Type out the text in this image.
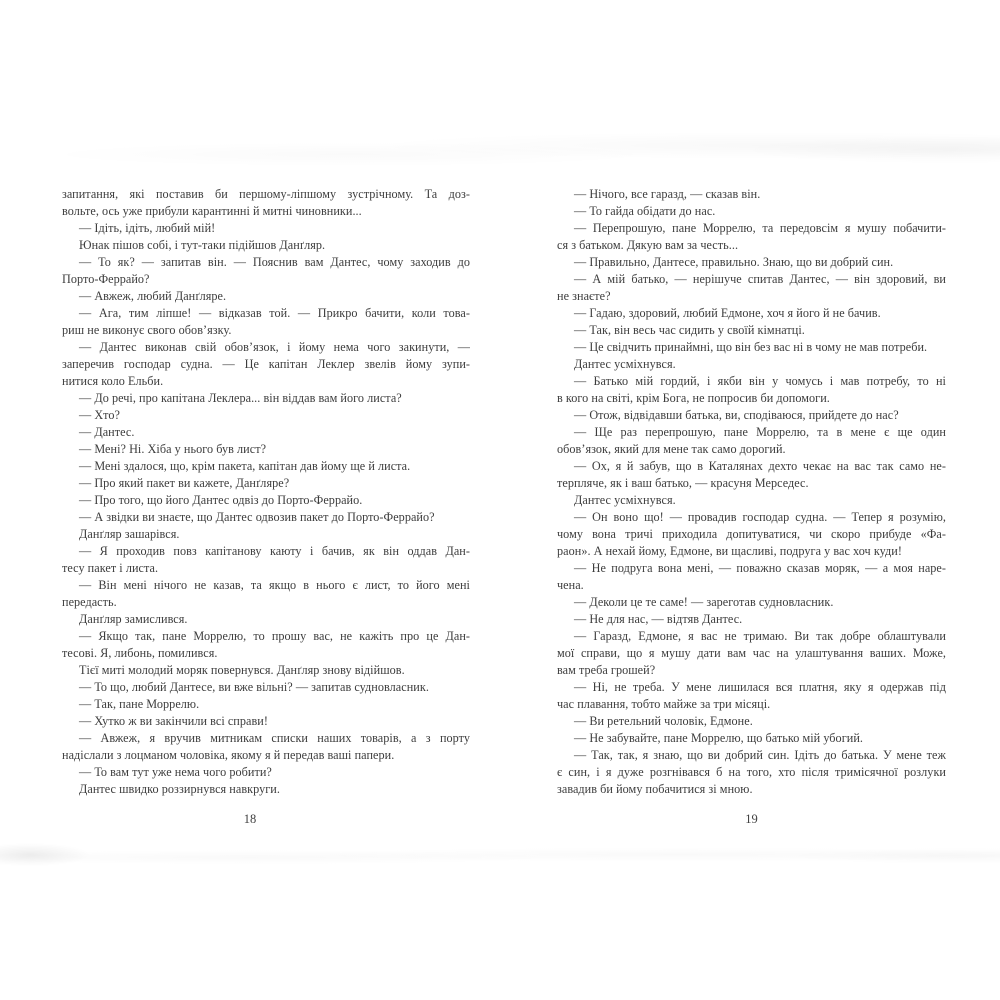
запитання, які поставив би першому-ліпшому зустрічному. Та доз-
вольте, ось уже прибули карантинні й митні чиновники...
— Ідіть, ідіть, любий мій!
Юнак пішов собі, і тут-таки підійшов Данґляр.
— То як? — запитав він. — Пояснив вам Дантес, чому заходив до
Порто-Феррайо?
— Авжеж, любий Данґляре.
— Ага, тим ліпше! — відказав той. — Прикро бачити, коли това-
риш не виконує свого обов’язку.
— Дантес виконав свій обов’язок, і йому нема чого закинути, —
заперечив господар судна. — Це капітан Леклер звелів йому зупи-
нитися коло Ельби.
— До речі, про капітана Леклера... він віддав вам його листа?
— Хто?
— Дантес.
— Мені? Ні. Хіба у нього був лист?
— Мені здалося, що, крім пакета, капітан дав йому ще й листа.
— Про який пакет ви кажете, Данґляре?
— Про того, що його Дантес одвіз до Порто-Феррайо.
— А звідки ви знаєте, що Дантес одвозив пакет до Порто-Феррайо?
Данґляр зашарівся.
— Я проходив повз капітанову каюту і бачив, як він оддав Дан-
тесу пакет і листа.
— Він мені нічого не казав, та якщо в нього є лист, то його мені
передасть.
Данґляр замислився.
— Якщо так, пане Моррелю, то прошу вас, не кажіть про це Дан-
тесові. Я, либонь, помилився.
Тієї миті молодий моряк повернувся. Данґляр знову відійшов.
— То що, любий Дантесе, ви вже вільні? — запитав судновласник.
— Так, пане Моррелю.
— Хутко ж ви закінчили всі справи!
— Авжеж, я вручив митникам списки наших товарів, а з порту
надіслали з лоцманом чоловіка, якому я й передав ваші папери.
— То вам тут уже нема чого робити?
Дантес швидко роззирнувся навкруги.
— Нічого, все гаразд, — сказав він.
— То гайда обідати до нас.
— Перепрошую, пане Моррелю, та передовсім я мушу побачити-
ся з батьком. Дякую вам за честь...
— Правильно, Дантесе, правильно. Знаю, що ви добрий син.
— А мій батько, — нерішуче спитав Дантес, — він здоровий, ви
не знаєте?
— Гадаю, здоровий, любий Едмоне, хоч я його й не бачив.
— Так, він весь час сидить у своїй кімнатці.
— Це свідчить принаймні, що він без вас ні в чому не мав потреби.
Дантес усміхнувся.
— Батько мій гордий, і якби він у чомусь і мав потребу, то ні
в кого на світі, крім Бога, не попросив би допомоги.
— Отож, відвідавши батька, ви, сподіваюся, прийдете до нас?
— Ще раз перепрошую, пане Моррелю, та в мене є ще один
обов’язок, який для мене так само дорогий.
— Ох, я й забув, що в Каталянах дехто чекає на вас так само не-
терпляче, як і ваш батько, — красуня Мерседес.
Дантес усміхнувся.
— Он воно що! — провадив господар судна. — Тепер я розумію,
чому вона тричі приходила допитуватися, чи скоро прибуде «Фа-
раон». А нехай йому, Едмоне, ви щасливі, подруга у вас хоч куди!
— Не подруга вона мені, — поважно сказав моряк, — а моя наре-
чена.
— Деколи це те саме! — зареготав судновласник.
— Не для нас, — відтяв Дантес.
— Гаразд, Едмоне, я вас не тримаю. Ви так добре облаштували
мої справи, що я мушу дати вам час на улаштування ваших. Може,
вам треба грошей?
— Ні, не треба. У мене лишилася вся платня, яку я одержав під
час плавання, тобто майже за три місяці.
— Ви ретельний чоловік, Едмоне.
— Не забувайте, пане Моррелю, що батько мій убогий.
— Так, так, я знаю, що ви добрий син. Ідіть до батька. У мене теж
є син, і я дуже розгнівався б на того, хто після тримісячної розлуки
завадив би йому побачитися зі мною.
18	19
